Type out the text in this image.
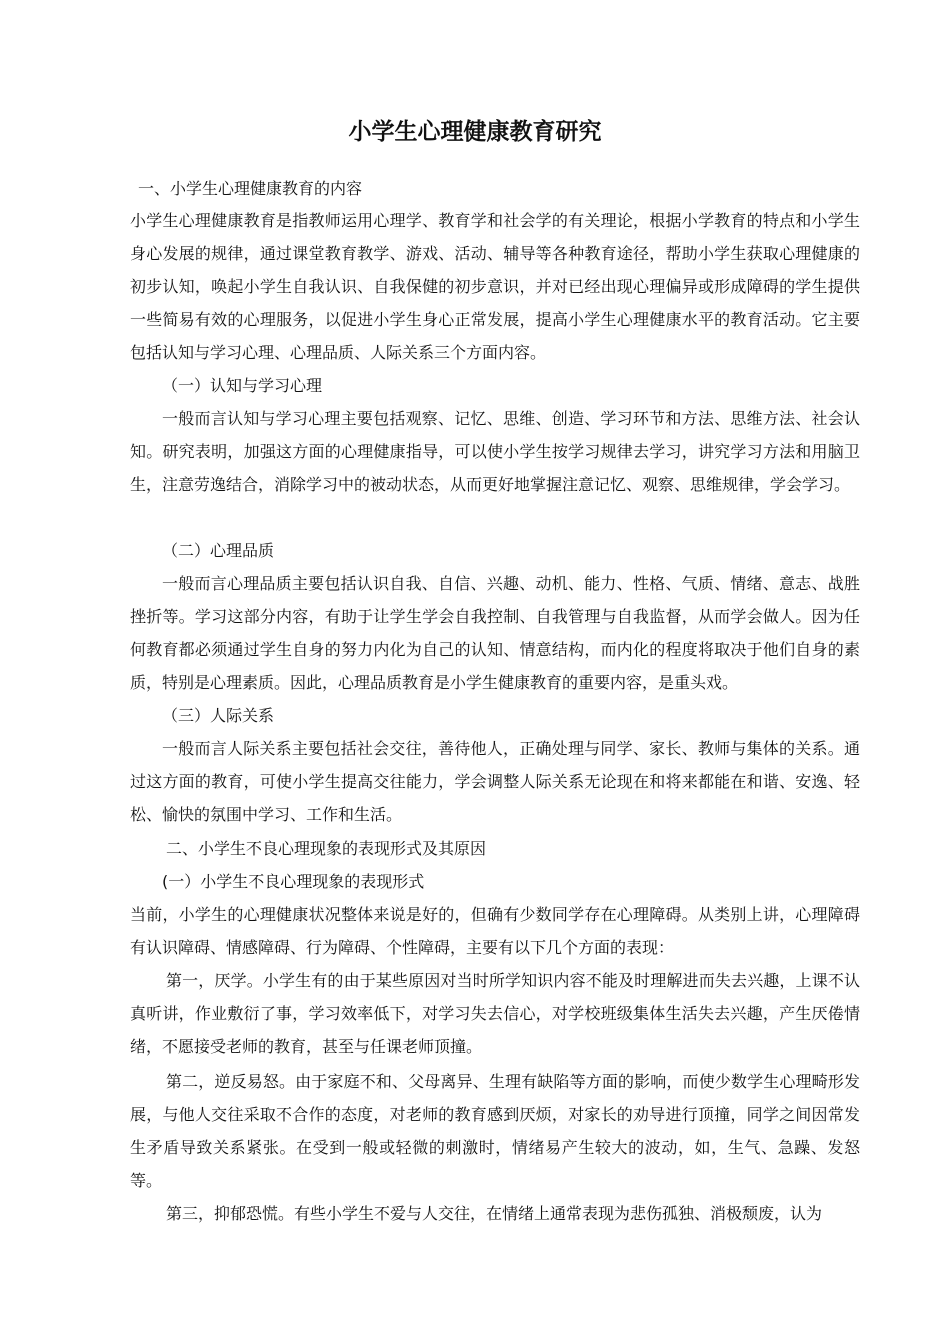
小学生心理健康教育研究
一、小学生心理健康教育的内容

小学生心理健康教育是指教师运用心理学、教育学和社会学的有关理论，根据小学教育的特点和小学生身心发展的规律，通过课堂教育教学、游戏、活动、辅导等各种教育途径，帮助小学生获取心理健康的初步认知，唤起小学生自我认识、自我保健的初步意识，并对已经出现心理偏异或形成障碍的学生提供一些简易有效的心理服务，以促进小学生身心正常发展，提高小学生心理健康水平的教育活动。它主要包括认知与学习心理、心理品质、人际关系三个方面内容。

（一）认知与学习心理

一般而言认知与学习心理主要包括观察、记忆、思维、创造、学习环节和方法、思维方法、社会认知。研究表明，加强这方面的心理健康指导，可以使小学生按学习规律去学习，讲究学习方法和用脑卫生，注意劳逸结合，消除学习中的被动状态，从而更好地掌握注意记忆、观察、思维规律，学会学习。

（二）心理品质

一般而言心理品质主要包括认识自我、自信、兴趣、动机、能力、性格、气质、情绪、意志、战胜挫折等。学习这部分内容，有助于让学生学会自我控制、自我管理与自我监督，从而学会做人。因为任何教育都必须通过学生自身的努力内化为自己的认知、情意结构，而内化的程度将取决于他们自身的素质，特别是心理素质。因此，心理品质教育是小学生健康教育的重要内容，是重头戏。

（三）人际关系

一般而言人际关系主要包括社会交往，善待他人，正确处理与同学、家长、教师与集体的关系。通过这方面的教育，可使小学生提高交往能力，学会调整人际关系无论现在和将来都能在和谐、安逸、轻松、愉快的氛围中学习、工作和生活。

二、小学生不良心理现象的表现形式及其原因
(一）小学生不良心理现象的表现形式

当前，小学生的心理健康状况整体来说是好的，但确有少数同学存在心理障碍。从类别上讲，心理障碍有认识障碍、情感障碍、行为障碍、个性障碍，主要有以下几个方面的表现：

第一，厌学。小学生有的由于某些原因对当时所学知识内容不能及时理解进而失去兴趣，上课不认真听讲，作业敷衍了事，学习效率低下，对学习失去信心，对学校班级集体生活失去兴趣，产生厌倦情绪，不愿接受老师的教育，甚至与任课老师顶撞。

第二，逆反易怒。由于家庭不和、父母离异、生理有缺陷等方面的影响，而使少数学生心理畸形发展，与他人交往采取不合作的态度，对老师的教育感到厌烦，对家长的劝导进行顶撞，同学之间因常发生矛盾导致关系紧张。在受到一般或轻微的刺激时，情绪易产生较大的波动，如，生气、急躁、发怒等。

第三，抑郁恐慌。有些小学生不爱与人交往，在情绪上通常表现为悲伤孤独、消极颓废，认为
